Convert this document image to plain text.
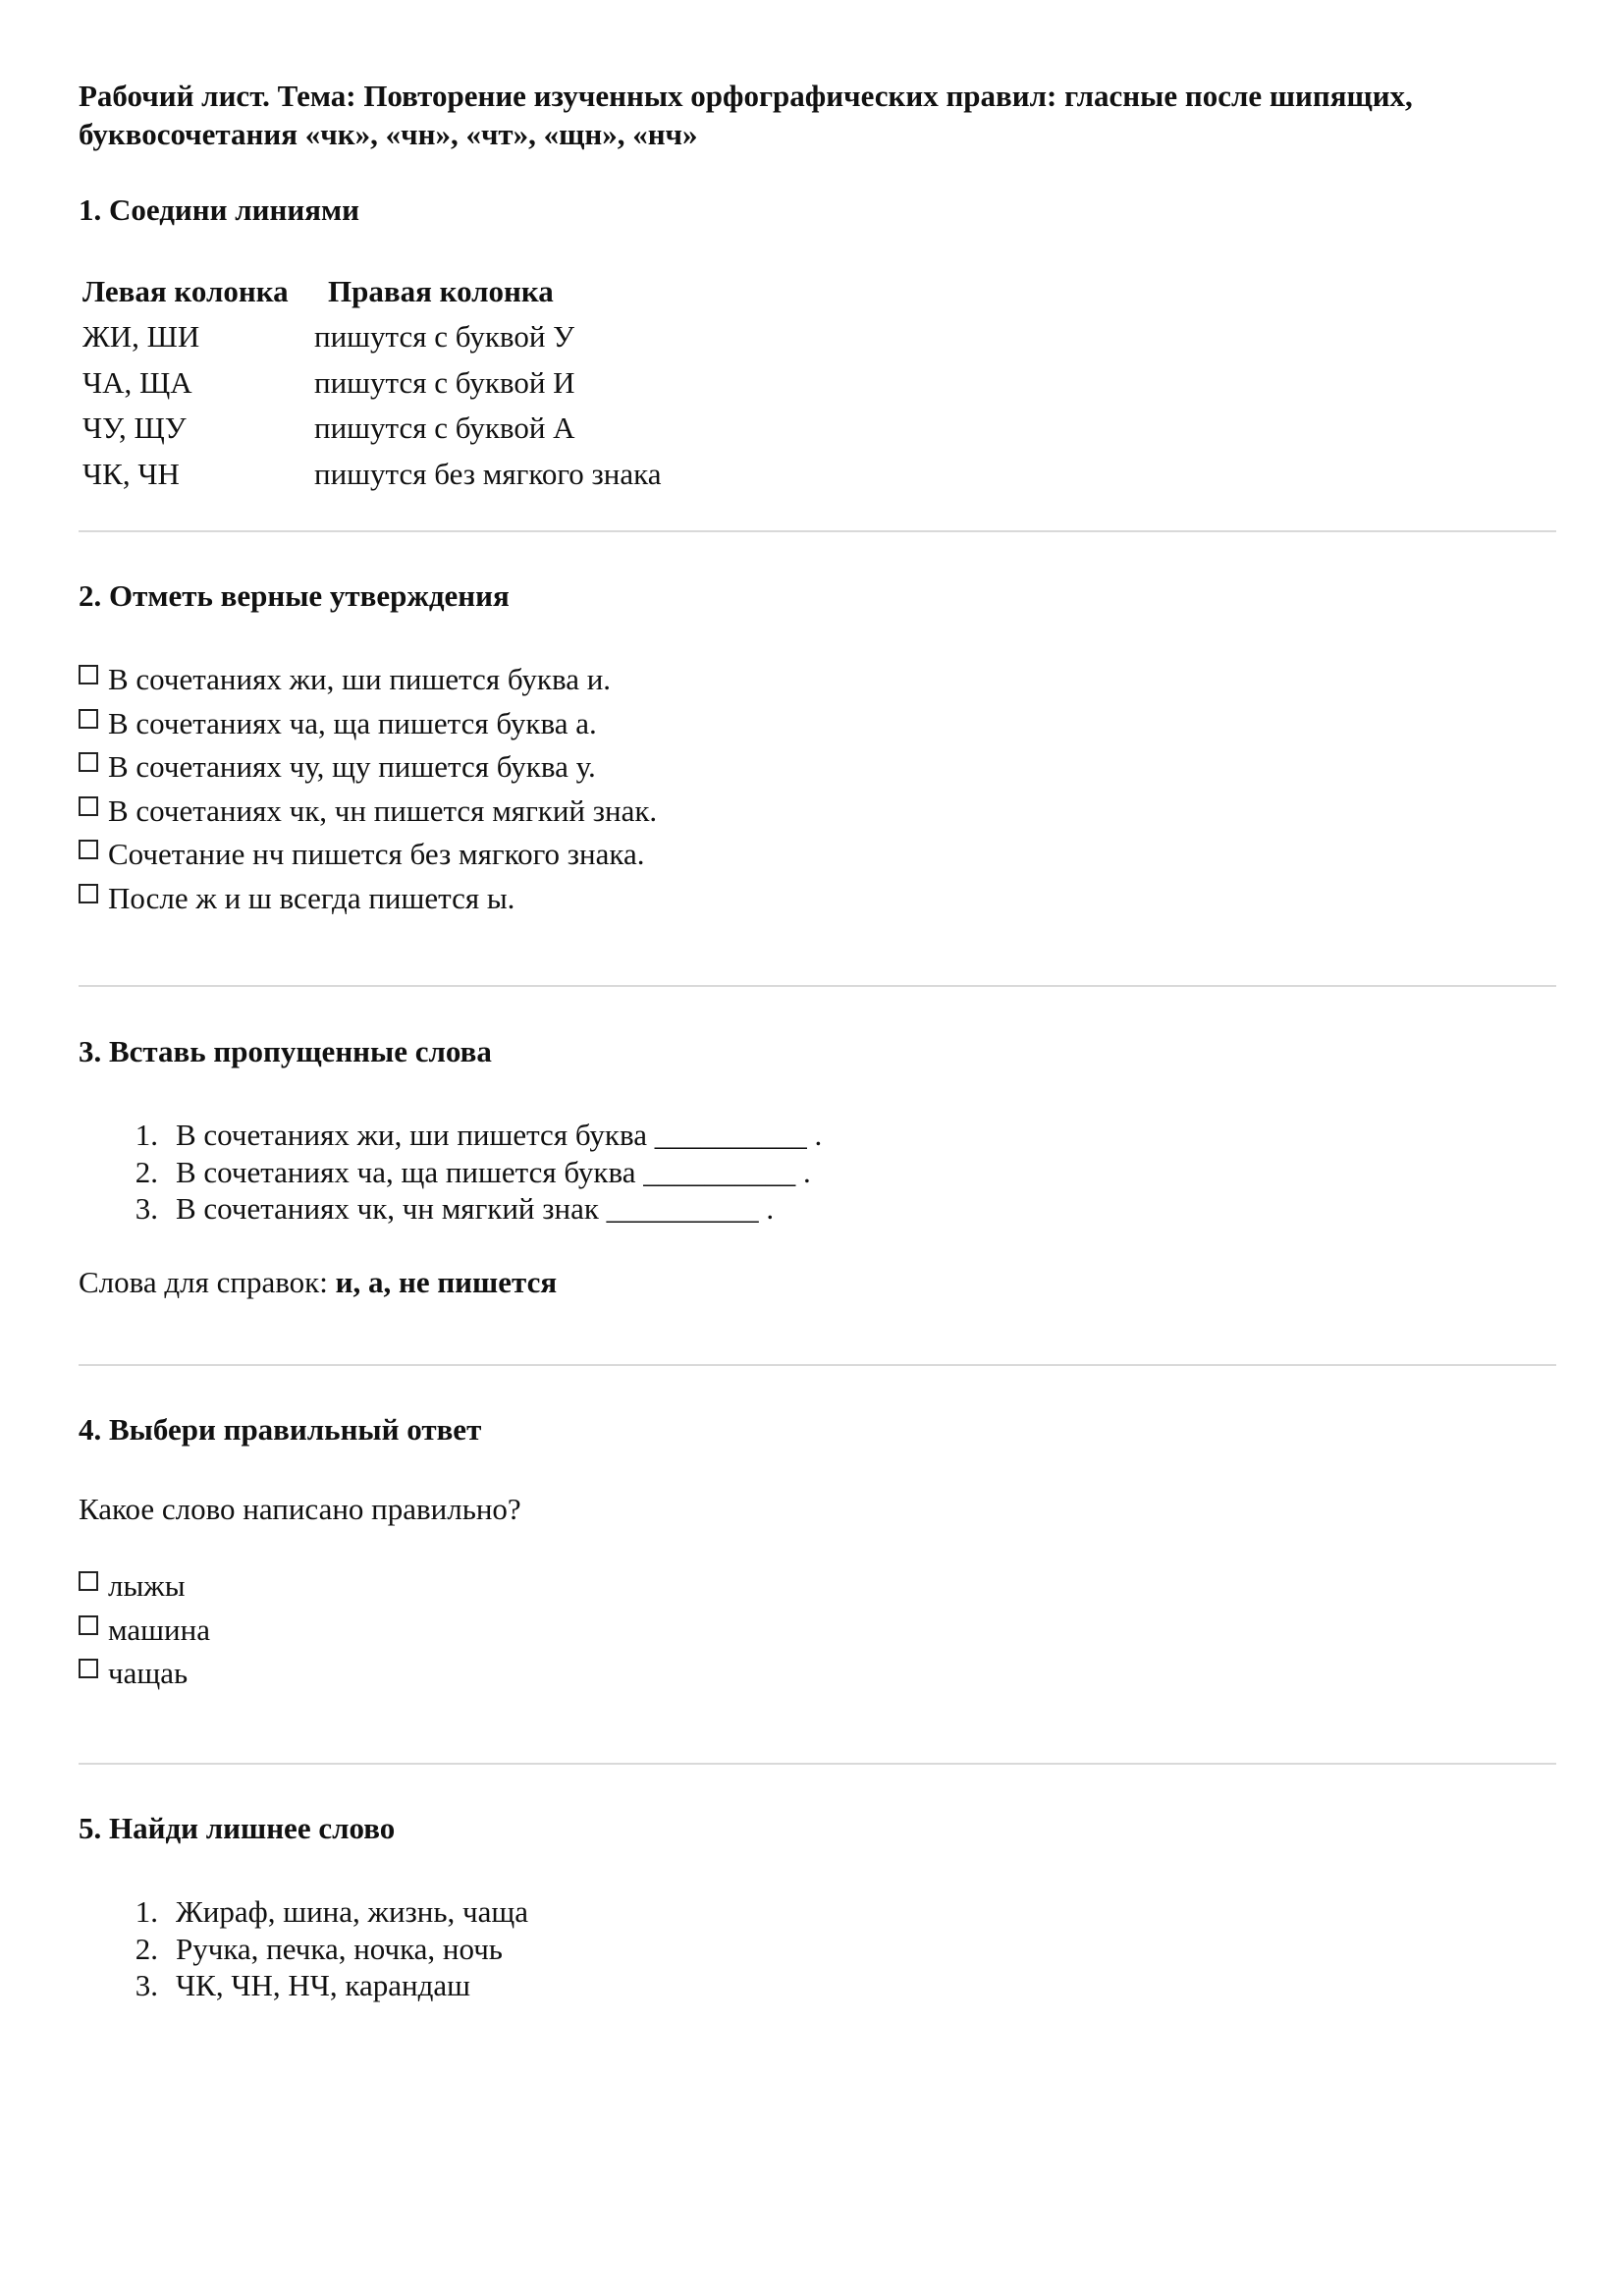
Рабочий лист. Тема: Повторение изученных орфографических правил: гласные после шипящих, буквосочетания «чк», «чн», «чт», «щн», «нч»
1. Соедини линиями
Левая колонка	Правая колонка
ЖИ, ШИ	пишутся с буквой У
ЧА, ЩА	пишутся с буквой И
ЧУ, ЩУ	пишутся с буквой А
ЧК, ЧН	пишутся без мягкого знака
2. Отметь верные утверждения
В сочетаниях жи, ши пишется буква и.
В сочетаниях ча, ща пишется буква а.
В сочетаниях чу, щу пишется буква у.
В сочетаниях чк, чн пишется мягкий знак.
Сочетание нч пишется без мягкого знака.
После ж и ш всегда пишется ы.
3. Вставь пропущенные слова
1. В сочетаниях жи, ши пишется буква __________ .
2. В сочетаниях ча, ща пишется буква __________ .
3. В сочетаниях чк, чн мягкий знак __________ .

Слова для справок: и, а, не пишется

4. Выбери правильный ответ

Какое слово написано правильно?

лыжы
машина
чащаь
5. Найди лишнее слово
1. Жираф, шина, жизнь, чаща
2. Ручка, печка, ночка, ночь
3. ЧК, ЧН, НЧ, карандаш
